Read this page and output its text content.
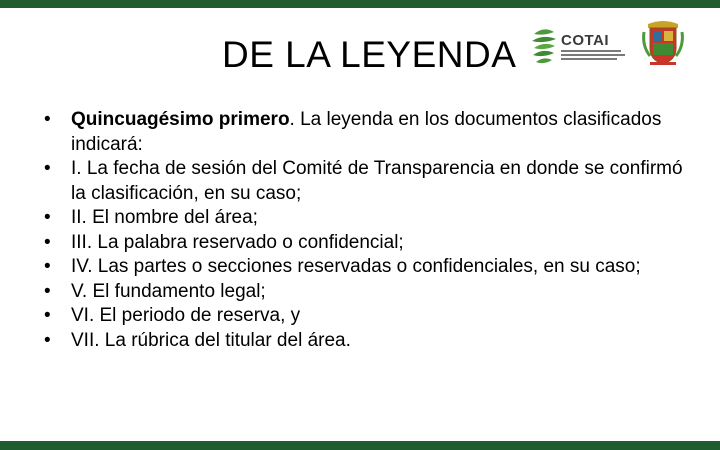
DE LA LEYENDA	COTAI
• Quincuagésimo primero. La leyenda en los documentos clasificados indicará:
• I. La fecha de sesión del Comité de Transparencia en donde se confirmó la clasificación, en su caso;
• II. El nombre del área;
• III. La palabra reservado o confidencial;
• IV. Las partes o secciones reservadas o confidenciales, en su caso;
• V. El fundamento legal;
• VI. El periodo de reserva, y
• VII. La rúbrica del titular del área.
